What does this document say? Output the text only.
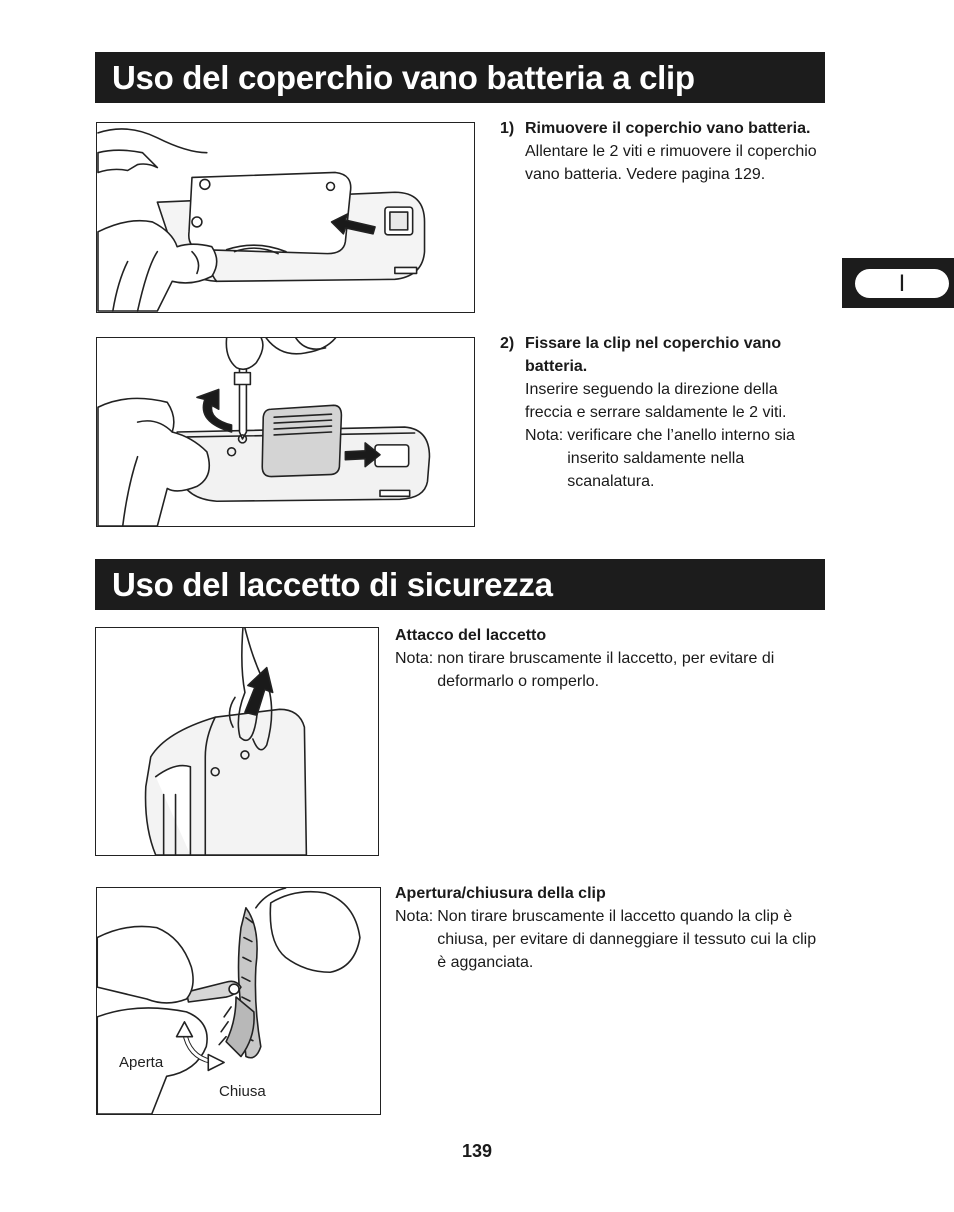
Uso del coperchio vano batteria a clip
1) Rimuovere il coperchio vano batteria.
Allentare le 2 viti e rimuovere il coperchio vano batteria. Vedere pagina 129.
I
2) Fissare la clip nel coperchio vano batteria.
Inserire seguendo la direzione della freccia e serrare saldamente le 2 viti.
Nota: verificare che l’anello interno sia inserito saldamente nella scanalatura.
Uso del laccetto di sicurezza
Attacco del laccetto
Nota: non tirare bruscamente il laccetto, per evitare di deformarlo o romperlo.
Aperta
Chiusa
Apertura/chiusura della clip
Nota: Non tirare bruscamente il laccetto quando la clip è chiusa, per evitare di danneggiare il tessuto cui la clip è agganciata.
139
